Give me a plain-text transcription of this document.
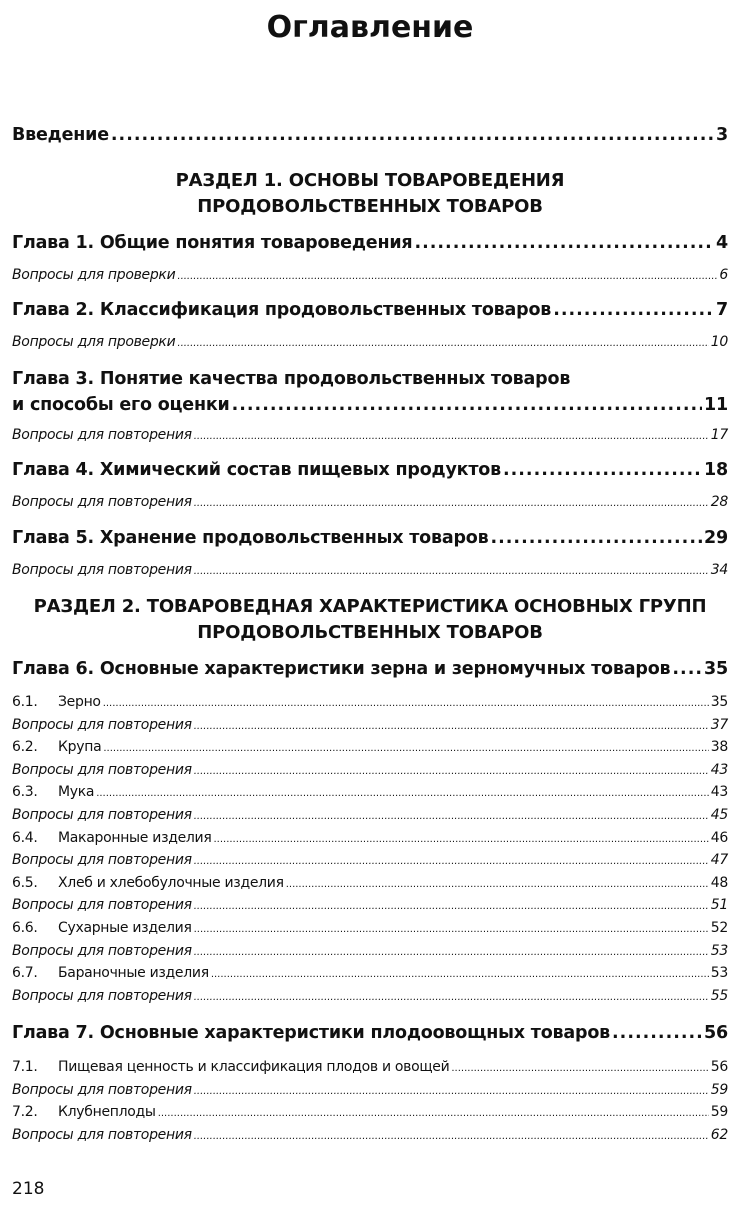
Оглавление
Введение .....	3
РАЗДЕЛ 1. ОСНОВЫ ТОВАРОВЕДЕНИЯ
ПРОДОВОЛЬСТВЕННЫХ ТОВАРОВ
Глава 1. Общие понятия товароведения .....	4
Вопросы для проверки .....	6
Глава 2. Классификация продовольственных товаров .....	7
Вопросы для проверки .....	10
Глава 3. Понятие качества продовольственных товаров
и способы его оценки .....	11
Вопросы для повторения .....	17
Глава 4. Химический состав пищевых продуктов .....	18
Вопросы для повторения .....	28
Глава 5. Хранение продовольственных товаров .....	29
Вопросы для повторения .....	34
РАЗДЕЛ 2. ТОВАРОВЕДНАЯ ХАРАКТЕРИСТИКА ОСНОВНЫХ ГРУПП
ПРОДОВОЛЬСТВЕННЫХ ТОВАРОВ
Глава 6. Основные характеристики зерна и зерномучных товаров ..... 35
6.1.	Зерно .....	35
Вопросы для повторения .....	37
6.2.	Крупа .....	38
Вопросы для повторения .....	43
6.3.	Мука .....	43
Вопросы для повторения .....	45
6.4.	Макаронные изделия .....	46
Вопросы для повторения .....	47
6.5.	Хлеб и хлебобулочные изделия .....	48
Вопросы для повторения .....	51
6.6.	Сухарные изделия .....	52
Вопросы для повторения .....	53
6.7.	Бараночные изделия .....	53
Вопросы для повторения .....	55
Глава 7. Основные характеристики плодоовощных товаров .....	56
7.1.	Пищевая ценность и классификация плодов и овощей .....	56
Вопросы для повторения .....	59
7.2.	Клубнеплоды .....	59
Вопросы для повторения .....	62
218
